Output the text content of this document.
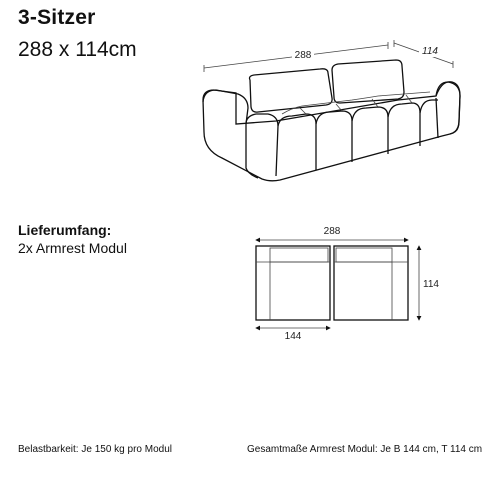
3-Sitzer
288 x 114cm
Lieferumfang:
2x Armrest Modul
Belastbarkeit: Je 150 kg pro Modul	Gesamtmaße Armrest Modul: Je B 144 cm, T 114 cm
288	114
288
114
144
